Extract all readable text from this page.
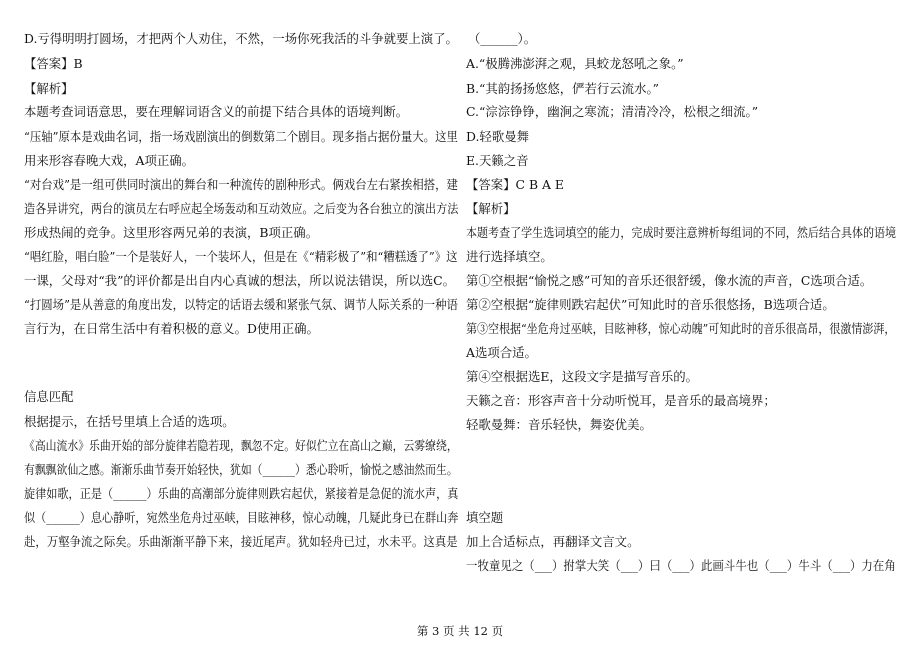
D.亏得明明打圆场，才把两个人劝住，不然，一场你死我活的斗争就要上演了。
【答案】B
【解析】
本题考查词语意思，要在理解词语含义的前提下结合具体的语境判断。
“压轴”原本是戏曲名词，指一场戏剧演出的倒数第二个剧目。现多指占据份量大。这里
用来形容春晚大戏，A项正确。
“对台戏”是一组可供同时演出的舞台和一种流传的剧种形式。俩戏台左右紧挨相搭，建
造各异讲究，两台的演员左右呼应起全场轰动和互动效应。之后变为各台独立的演出方法
形成热闹的竞争。这里形容两兄弟的表演，B项正确。
“唱红脸，唱白脸”一个是装好人，一个装坏人，但是在《“精彩极了”和“糟糕透了”》这
一课，父母对“我”的评价都是出自内心真诚的想法，所以说法错误，所以选C。
“打圆场”是从善意的角度出发，以特定的话语去缓和紧张气氛、调节人际关系的一种语
言行为，在日常生活中有着积极的意义。D使用正确。
信息匹配
根据提示，在括号里填上合适的选项。
《高山流水》乐曲开始的部分旋律若隐若现，飘忽不定。好似伫立在高山之巅，云雾缭绕，
有飘飘欲仙之感。渐渐乐曲节奏开始轻快，犹如（______）悉心聆听，愉悦之感油然而生。
旋律如歌，正是（______）乐曲的高潮部分旋律则跌宕起伏，紧接着是急促的流水声，真
似（______）息心静听，宛然坐危舟过巫峡，目眩神移，惊心动魄，几疑此身已在群山奔
赴，万壑争流之际矣。乐曲渐渐平静下来，接近尾声。犹如轻舟已过，水未平。这真是
（______）。
A.“极腾沸澎湃之观，具蛟龙怒吼之象。”
B.“其韵扬扬悠悠，俨若行云流水。”
C.“淙淙铮铮，幽涧之寒流；清清冷冷，松根之细流。”
D.轻歌曼舞
E.天籁之音
【答案】C B A E
【解析】
本题考查了学生选词填空的能力，完成时要注意辨析每组词的不同，然后结合具体的语境
进行选择填空。
第①空根据“愉悦之感”可知的音乐还很舒缓，像水流的声音，C选项合适。
第②空根据“旋律则跌宕起伏”可知此时的音乐很悠扬，B选项合适。
第③空根据“坐危舟过巫峡，目眩神移，惊心动魄”可知此时的音乐很高昂，很激情澎湃，
A选项合适。
第④空根据选E，这段文字是描写音乐的。
天籁之音：形容声音十分动听悦耳，是音乐的最高境界；
轻歌曼舞：音乐轻快，舞姿优美。
填空题
加上合适标点，再翻译文言文。
一牧童见之（___）拊掌大笑（___）曰（___）此画斗牛也（___）牛斗（___）力在角
第 3 页 共 12 页
